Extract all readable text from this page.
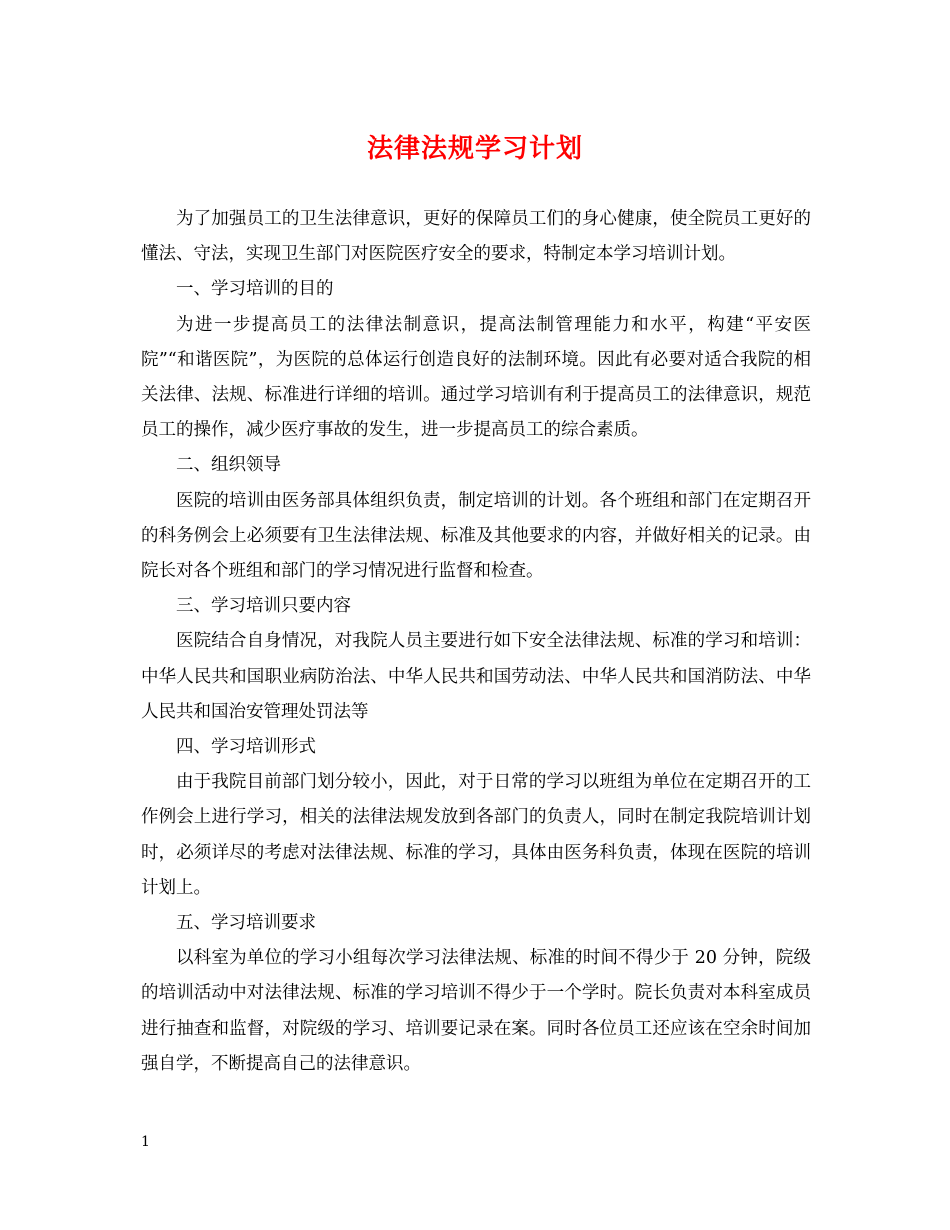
法律法规学习计划

为了加强员工的卫生法律意识，更好的保障员工们的身心健康，使全院员工更好的懂法、守法，实现卫生部门对医院医疗安全的要求，特制定本学习培训计划。

一、学习培训的目的

为进一步提高员工的法律法制意识，提高法制管理能力和水平，构建“平安医院”“和谐医院”，为医院的总体运行创造良好的法制环境。因此有必要对适合我院的相关法律、法规、标准进行详细的培训。通过学习培训有利于提高员工的法律意识，规范员工的操作，减少医疗事故的发生，进一步提高员工的综合素质。

二、组织领导

医院的培训由医务部具体组织负责，制定培训的计划。各个班组和部门在定期召开的科务例会上必须要有卫生法律法规、标准及其他要求的内容，并做好相关的记录。由院长对各个班组和部门的学习情况进行监督和检查。

三、学习培训只要内容

医院结合自身情况，对我院人员主要进行如下安全法律法规、标准的学习和培训： 中华人民共和国职业病防治法、中华人民共和国劳动法、中华人民共和国消防法、中华人民共和国治安管理处罚法等

四、学习培训形式

由于我院目前部门划分较小，因此，对于日常的学习以班组为单位在定期召开的工作例会上进行学习，相关的法律法规发放到各部门的负责人，同时在制定我院培训计划时，必须详尽的考虑对法律法规、标准的学习，具体由医务科负责，体现在医院的培训计划上。

五、学习培训要求

以科室为单位的学习小组每次学习法律法规、标准的时间不得少于 20 分钟，院级的培训活动中对法律法规、标准的学习培训不得少于一个学时。院长负责对本科室成员进行抽查和监督，对院级的学习、培训要记录在案。同时各位员工还应该在空余时间加强自学，不断提高自己的法律意识。

1
